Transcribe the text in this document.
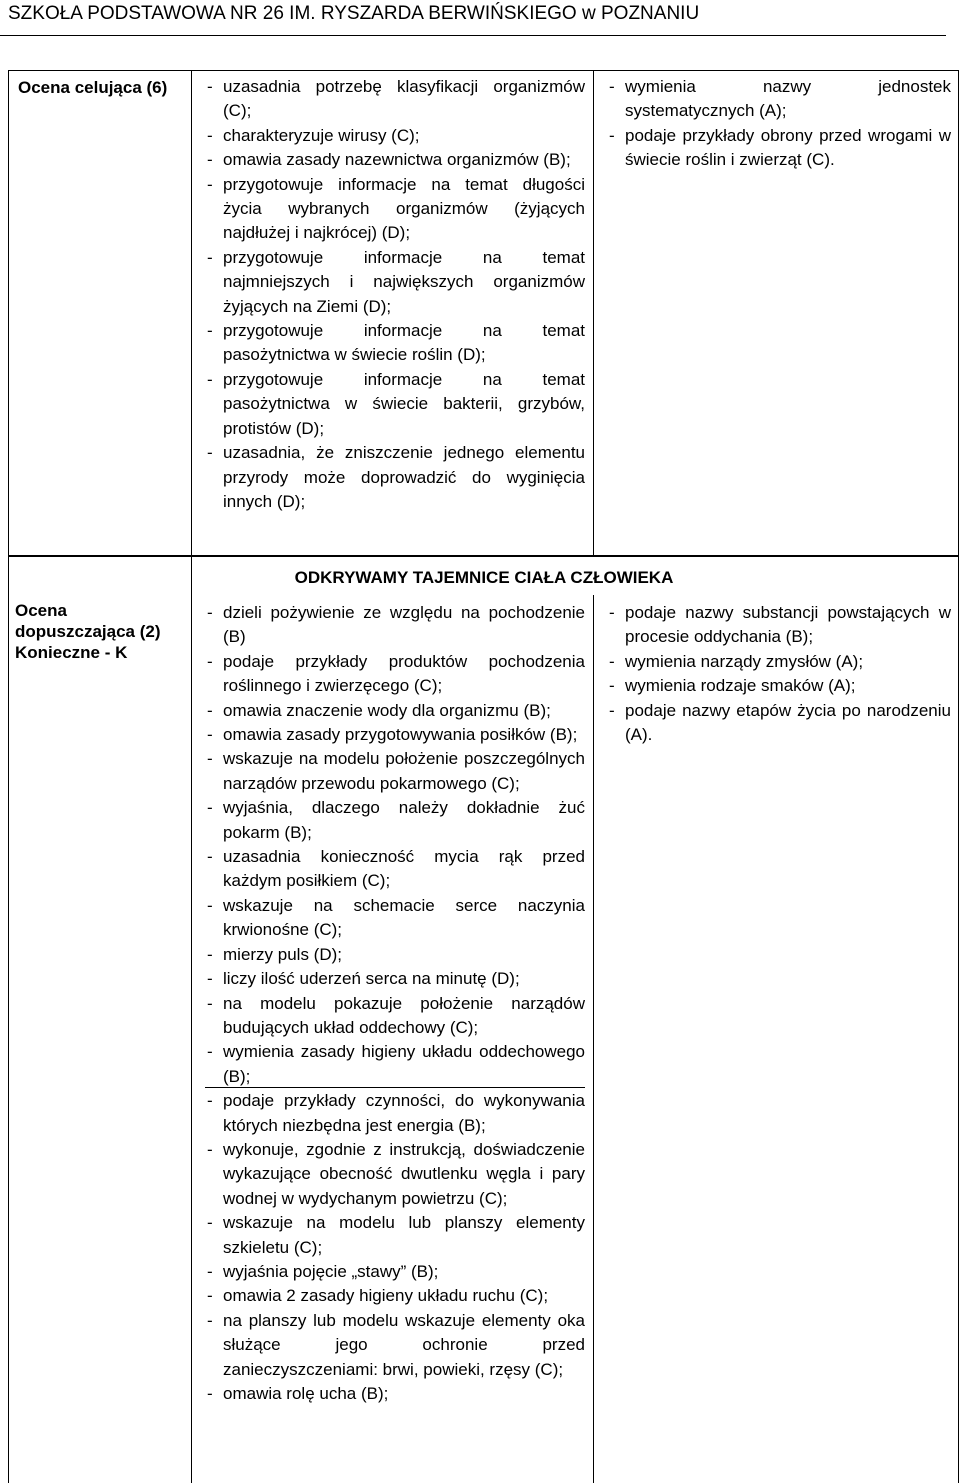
SZKOŁA PODSTAWOWA NR 26 IM. RYSZARDA BERWIŃSKIEGO w POZNANIU
Ocena celująca (6)
-	uzasadnia potrzebę klasyfikacji organizmów (C);
- charakteryzuje wirusy (C);
- omawia zasady nazewnictwa organizmów (B);
- przygotowuje informacje na temat długości życia wybranych organizmów (żyjących najdłużej i najkrócej) (D);
- przygotowuje informacje na temat najmniejszych i największych organizmów żyjących na Ziemi (D);
- przygotowuje informacje na temat pasożytnictwa w świecie roślin (D);
- przygotowuje informacje na temat pasożytnictwa w świecie bakterii, grzybów, protistów (D);
- uzasadnia, że zniszczenie jednego elementu przyrody może doprowadzić do wyginięcia innych (D);
- wymienia nazwy jednostek systematycznych (A);
- podaje przykłady obrony przed wrogami w świecie roślin i zwierząt (C).
ODKRYWAMY TAJEMNICE CIAŁA CZŁOWIEKA
Ocena
dopuszczająca (2)
Konieczne - K
- dzieli pożywienie ze względu na pochodzenie (B)
- podaje przykłady produktów pochodzenia roślinnego i zwierzęcego (C);
- omawia znaczenie wody dla organizmu (B);
- omawia zasady przygotowywania posiłków (B);
- wskazuje na modelu położenie poszczególnych narządów przewodu pokarmowego (C);
- wyjaśnia, dlaczego należy dokładnie żuć pokarm (B);
- uzasadnia konieczność mycia rąk przed każdym posiłkiem (C);
- wskazuje na schemacie serce naczynia krwionośne (C);
- mierzy puls (D);
- liczy ilość uderzeń serca na minutę (D);
- na modelu pokazuje położenie narządów budujących układ oddechowy (C);
- wymienia zasady higieny układu oddechowego (B);
- podaje przykłady czynności, do wykonywania których niezbędna jest energia (B);
- wykonuje, zgodnie z instrukcją, doświadczenie wykazujące obecność dwutlenku węgla i pary wodnej w wydychanym powietrzu (C);
- wskazuje na modelu lub planszy elementy szkieletu (C);
- wyjaśnia pojęcie „stawy” (B);
- omawia 2 zasady higieny układu ruchu (C);
- na planszy lub modelu wskazuje elementy oka służące jego ochronie przed zanieczyszczeniami: brwi, powieki, rzęsy (C);
- omawia rolę ucha (B);
- podaje nazwy substancji powstających w procesie oddychania (B);
- wymienia narządy zmysłów (A);
- wymienia rodzaje smaków (A);
- podaje nazwy etapów życia po narodzeniu (A).
